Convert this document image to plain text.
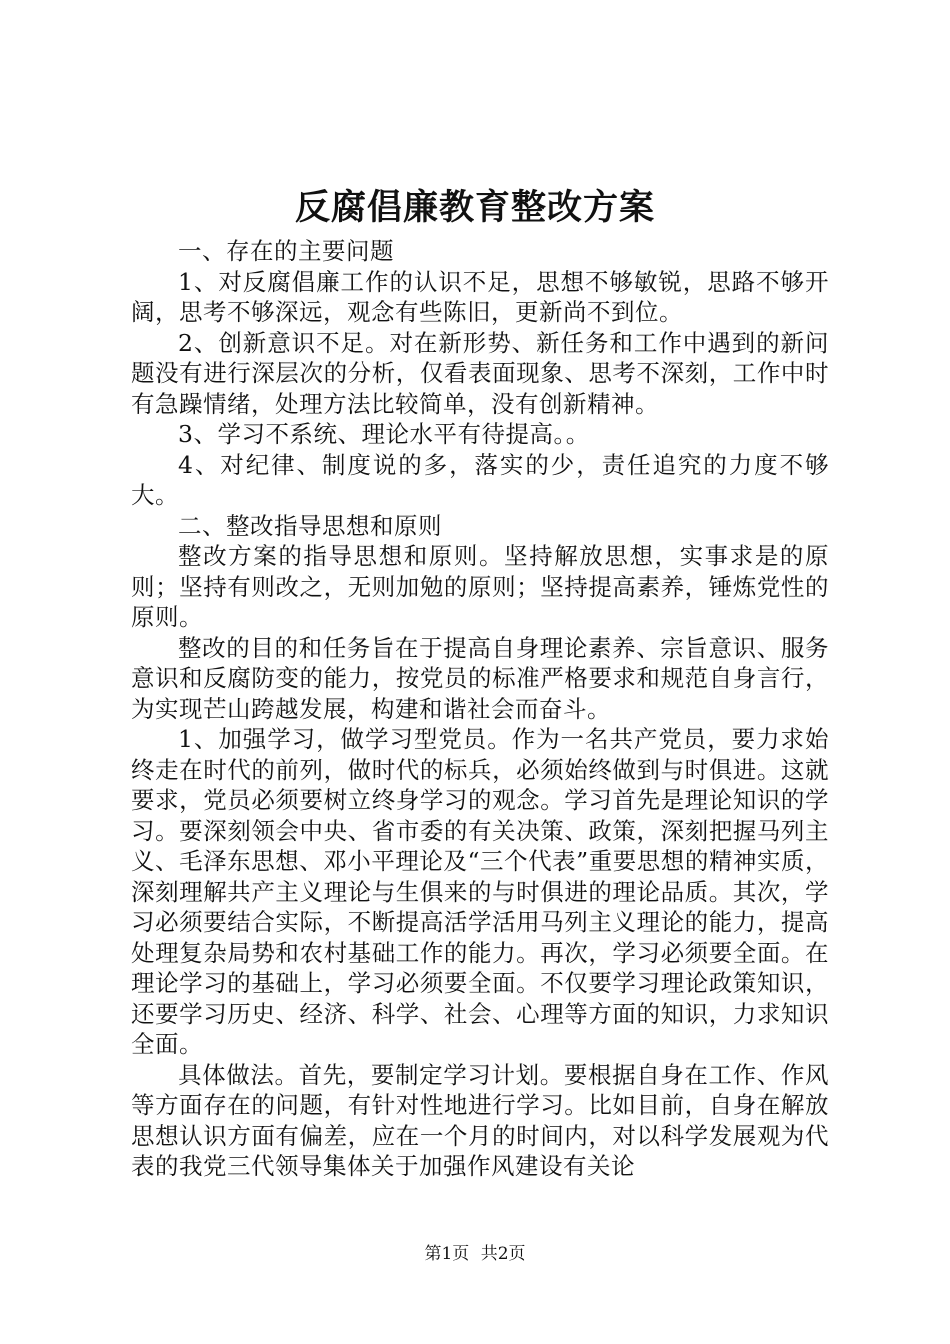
反腐倡廉教育整改方案

一、存在的主要问题

1、对反腐倡廉工作的认识不足，思想不够敏锐，思路不够开阔，思考不够深远，观念有些陈旧，更新尚不到位。

2、创新意识不足。对在新形势、新任务和工作中遇到的新问题没有进行深层次的分析，仅看表面现象、思考不深刻，工作中时有急躁情绪，处理方法比较简单，没有创新精神。

3、学习不系统、理论水平有待提高。。

4、对纪律、制度说的多，落实的少，责任追究的力度不够大。

二、整改指导思想和原则

整改方案的指导思想和原则。坚持解放思想，实事求是的原则；坚持有则改之，无则加勉的原则；坚持提高素养，锤炼党性的原则。

整改的目的和任务旨在于提高自身理论素养、宗旨意识、服务意识和反腐防变的能力，按党员的标准严格要求和规范自身言行，为实现芒山跨越发展，构建和谐社会而奋斗。

1、加强学习，做学习型党员。作为一名共产党员，要力求始终走在时代的前列，做时代的标兵，必须始终做到与时俱进。这就要求，党员必须要树立终身学习的观念。学习首先是理论知识的学习。要深刻领会中央、省市委的有关决策、政策，深刻把握马列主义、毛泽东思想、邓小平理论及“三个代表”重要思想的精神实质，深刻理解共产主义理论与生俱来的与时俱进的理论品质。其次，学习必须要结合实际，不断提高活学活用马列主义理论的能力，提高处理复杂局势和农村基础工作的能力。再次，学习必须要全面。在理论学习的基础上，学习必须要全面。不仅要学习理论政策知识，还要学习历史、经济、科学、社会、心理等方面的知识，力求知识全面。

具体做法。首先，要制定学习计划。要根据自身在工作、作风等方面存在的问题，有针对性地进行学习。比如目前，自身在解放思想认识方面有偏差，应在一个月的时间内，对以科学发展观为代表的我党三代领导集体关于加强作风建设有关论

第1页 共2页
